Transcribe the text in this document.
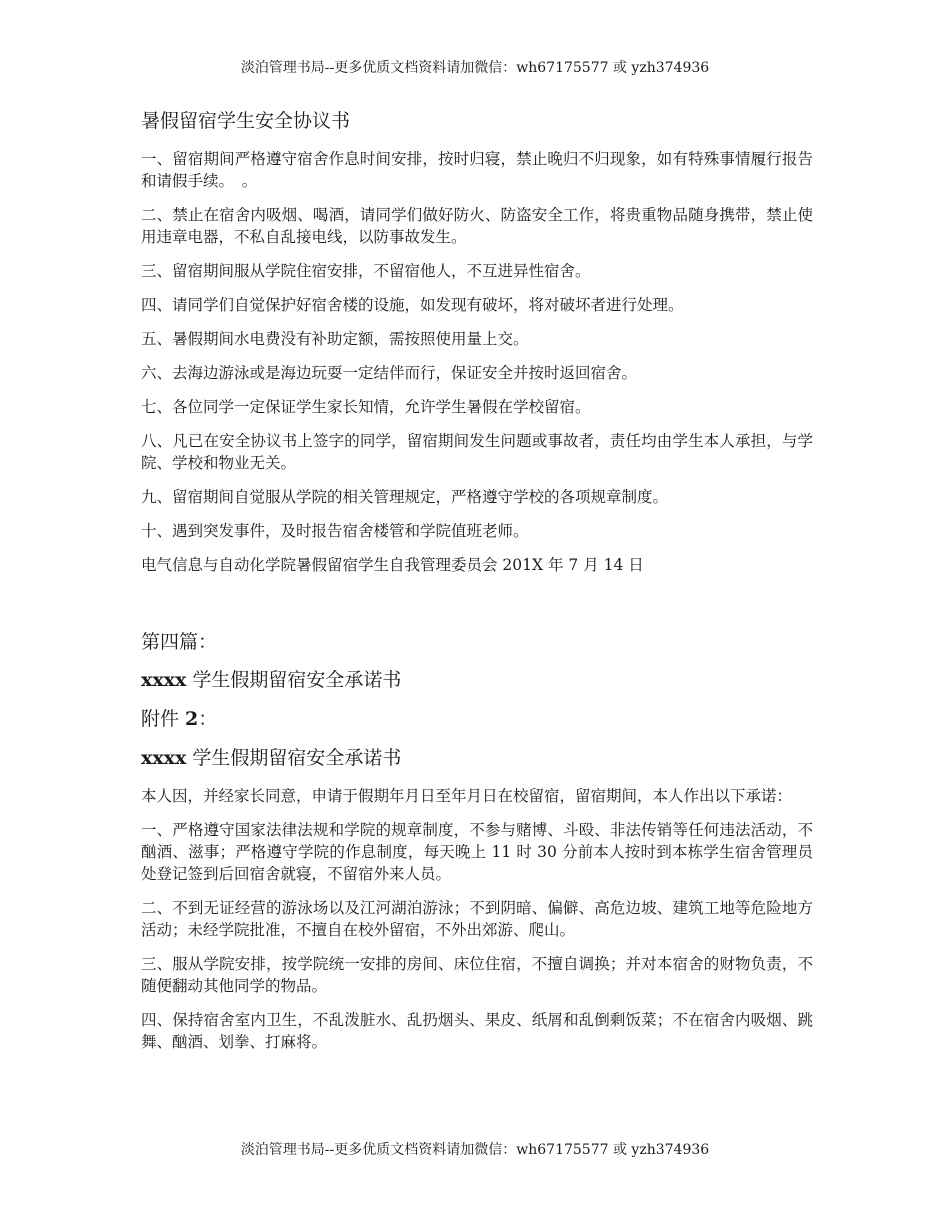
淡泊管理书局--更多优质文档资料请加微信：wh67175577 或 yzh374936
暑假留宿学生安全协议书

一、留宿期间严格遵守宿舍作息时间安排，按时归寝，禁止晚归不归现象，如有特殊事情履行报告和请假手续。　。

二、禁止在宿舍内吸烟、喝酒，请同学们做好防火、防盗安全工作，将贵重物品随身携带，禁止使用违章电器，不私自乱接电线，以防事故发生。

三、留宿期间服从学院住宿安排，不留宿他人，不互进异性宿舍。

四、请同学们自觉保护好宿舍楼的设施，如发现有破坏，将对破坏者进行处理。

五、暑假期间水电费没有补助定额，需按照使用量上交。

六、去海边游泳或是海边玩耍一定结伴而行，保证安全并按时返回宿舍。

七、各位同学一定保证学生家长知情，允许学生暑假在学校留宿。

八、凡已在安全协议书上签字的同学，留宿期间发生问题或事故者，责任均由学生本人承担，与学院、学校和物业无关。

九、留宿期间自觉服从学院的相关管理规定，严格遵守学校的各项规章制度。

十、遇到突发事件，及时报告宿舍楼管和学院值班老师。

电气信息与自动化学院暑假留宿学生自我管理委员会 201X 年 7 月 14 日

第四篇：
xxxx 学生假期留宿安全承诺书
附件 2：
xxxx 学生假期留宿安全承诺书

本人因，并经家长同意，申请于假期年月日至年月日在校留宿，留宿期间，本人作出以下承诺：

一、严格遵守国家法律法规和学院的规章制度，不参与赌博、斗殴、非法传销等任何违法活动，不酗酒、滋事；严格遵守学院的作息制度，每天晚上 11 时 30 分前本人按时到本栋学生宿舍管理员处登记签到后回宿舍就寝，不留宿外来人员。

二、不到无证经营的游泳场以及江河湖泊游泳；不到阴暗、偏僻、高危边坡、建筑工地等危险地方活动；未经学院批准，不擅自在校外留宿，不外出郊游、爬山。

三、服从学院安排，按学院统一安排的房间、床位住宿，不擅自调换；并对本宿舍的财物负责，不随便翻动其他同学的物品。

四、保持宿舍室内卫生，不乱泼脏水、乱扔烟头、果皮、纸屑和乱倒剩饭菜；不在宿舍内吸烟、跳舞、酗酒、划拳、打麻将。

淡泊管理书局--更多优质文档资料请加微信：wh67175577 或 yzh374936
